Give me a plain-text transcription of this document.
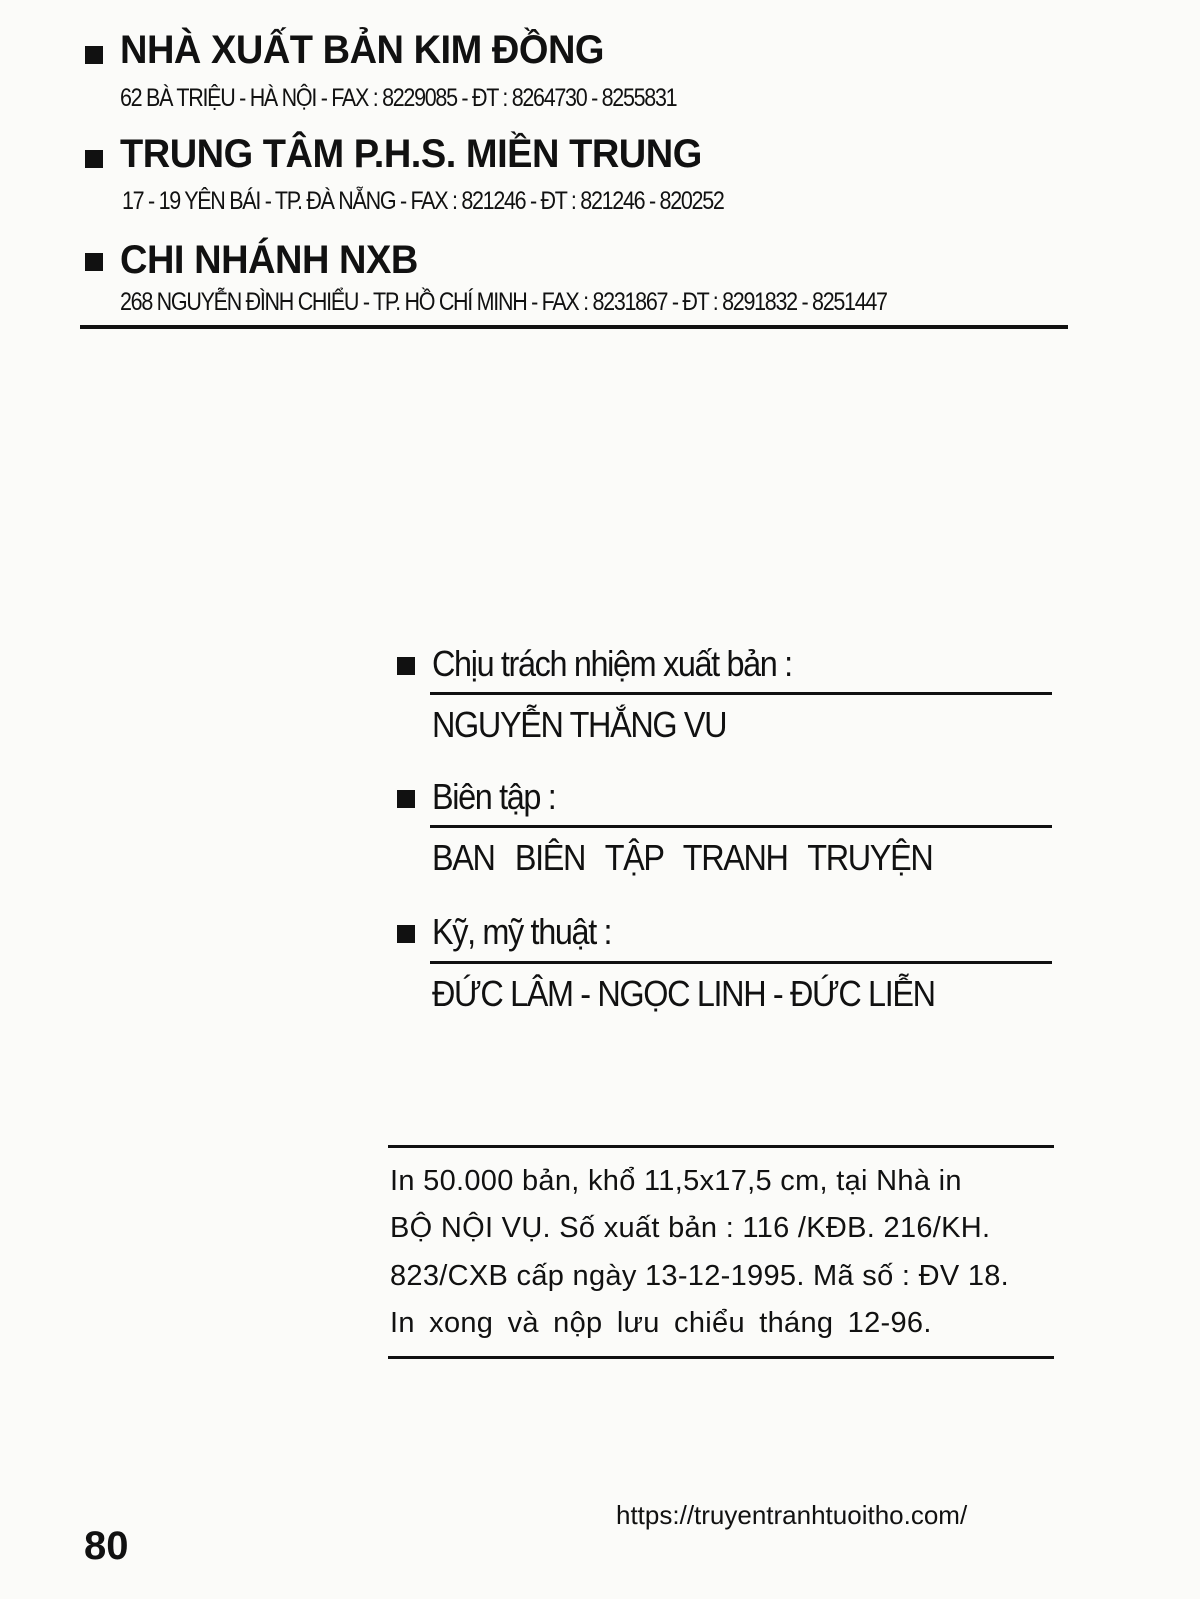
NHÀ XUẤT BẢN KIM ĐỒNG
62 BÀ TRIỆU - HÀ NỘI - FAX : 8229085 - ĐT : 8264730 - 8255831
TRUNG TÂM P.H.S. MIỀN TRUNG
17 - 19 YÊN BÁI - TP. ĐÀ NẴNG - FAX : 821246 - ĐT : 821246 - 820252
CHI NHÁNH NXB
268 NGUYỄN ĐÌNH CHIỂU - TP. HỒ CHÍ MINH - FAX : 8231867 - ĐT : 8291832 - 8251447
Chịu trách nhiệm xuất bản :
NGUYỄN THẮNG VU
Biên tập :
BAN BIÊN TẬP TRANH TRUYỆN
Kỹ, mỹ thuật :
ĐỨC LÂM - NGỌC LINH - ĐỨC LIỄN
In 50.000 bản, khổ 11,5x17,5 cm, tại Nhà in
BỘ NỘI VỤ. Số xuất bản : 116 /KĐB. 216/KH.
823/CXB cấp ngày 13-12-1995. Mã số : ĐV 18.
In xong và nộp lưu chiểu tháng 12-96.
https://truyentranhtuoitho.com/
80
